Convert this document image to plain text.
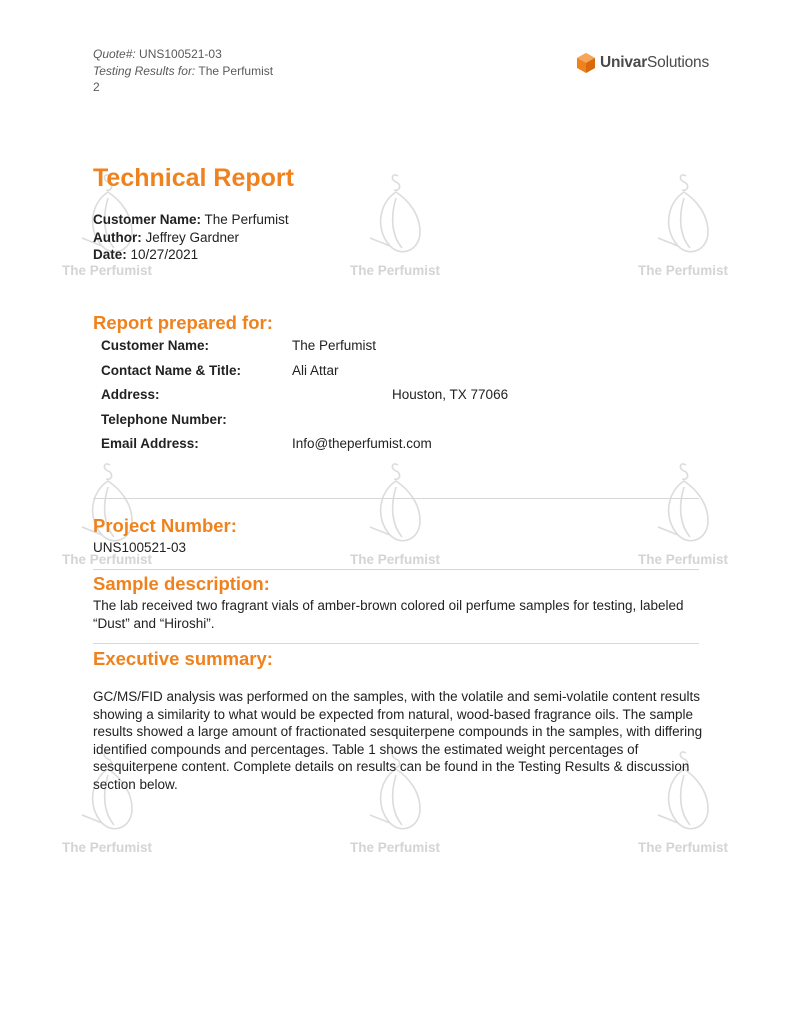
The Perfumist	The Perfumist	The Perfumist
The Perfumist	The Perfumist	The Perfumist
The Perfumist	The Perfumist	The Perfumist
Quote#: UNS100521-03
Testing Results for: The Perfumist
2
UnivarSolutions
Technical Report
Customer Name: The Perfumist
Author: Jeffrey Gardner
Date: 10/27/2021
Report prepared for:
Customer Name:	The Perfumist
Contact Name & Title:	Ali Attar
Address:	Houston, TX 77066
Telephone Number:
Email Address:	Info@theperfumist.com
Project Number:
UNS100521-03
Sample description:
The lab received two fragrant vials of amber-brown colored oil perfume samples for testing, labeled “Dust” and “Hiroshi”.
Executive summary:
GC/MS/FID analysis was performed on the samples, with the volatile and semi-volatile content results showing a similarity to what would be expected from natural, wood-based fragrance oils. The sample results showed a large amount of fractionated sesquiterpene compounds in the samples, with differing identified compounds and percentages. Table 1 shows the estimated weight percentages of sesquiterpene content. Complete details on results can be found in the Testing Results & discussion section below.
